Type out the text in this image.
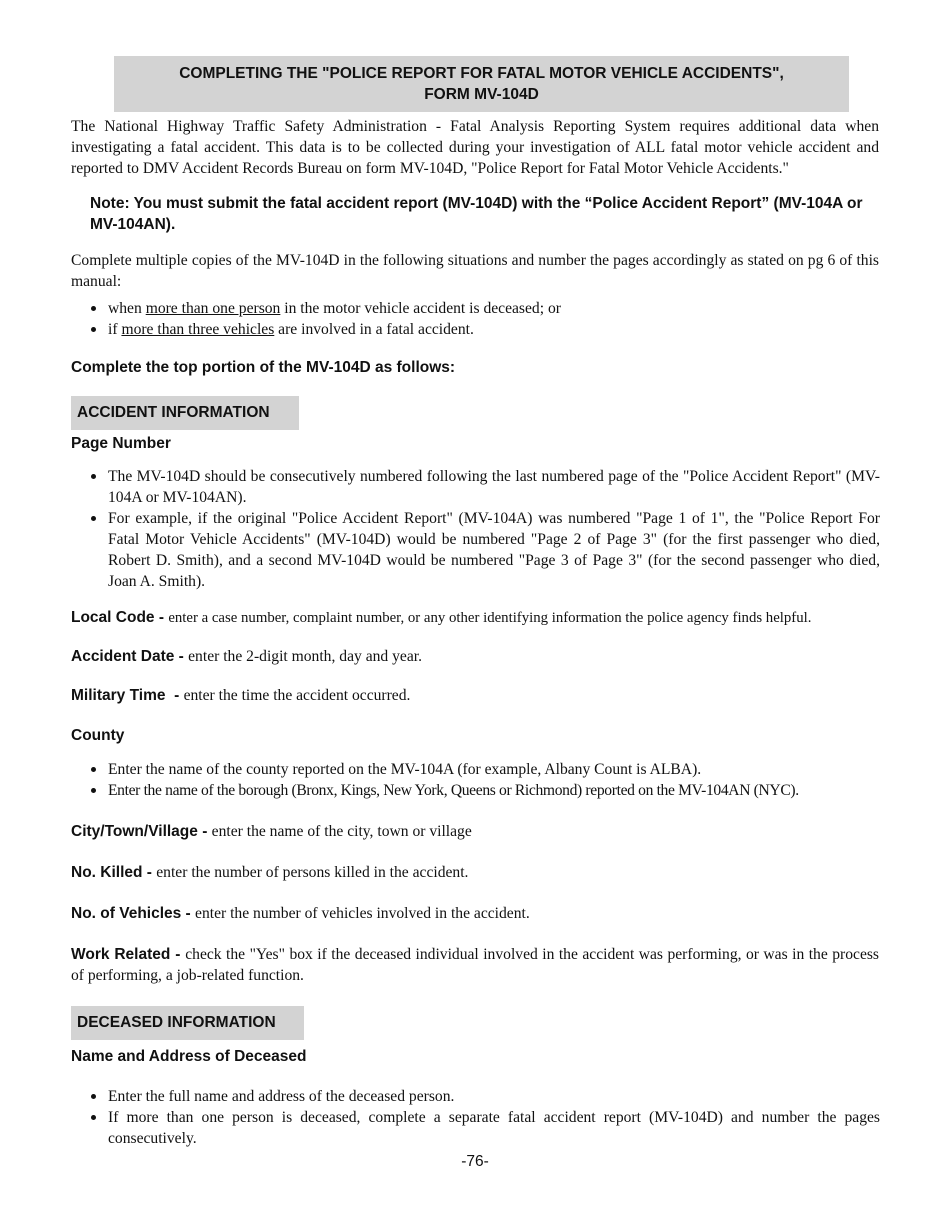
COMPLETING THE "POLICE REPORT FOR FATAL MOTOR VEHICLE ACCIDENTS",
FORM MV-104D
The National Highway Traffic Safety Administration - Fatal Analysis Reporting System requires additional data when investigating a fatal accident. This data is to be collected during your investigation of ALL fatal motor vehicle accident and reported to DMV Accident Records Bureau on form MV-104D, "Police Report for Fatal Motor Vehicle Accidents."
Note: You must submit the fatal accident report (MV-104D) with the “Police Accident Report” (MV-104A or MV-104AN).
Complete multiple copies of the MV-104D in the following situations and number the pages accordingly as stated on pg 6 of this manual:
when more than one person in the motor vehicle accident is deceased; or
if more than three vehicles are involved in a fatal accident.
Complete the top portion of the MV-104D as follows:
ACCIDENT INFORMATION
Page Number
The MV-104D should be consecutively numbered following the last numbered page of the "Police Accident Report" (MV-104A or MV-104AN).
For example, if the original "Police Accident Report" (MV-104A) was numbered "Page 1 of 1", the "Police Report For Fatal Motor Vehicle Accidents" (MV-104D) would be numbered "Page 2 of Page 3" (for the first passenger who died, Robert D. Smith), and a second MV-104D would be numbered "Page 3 of Page 3" (for the second passenger who died, Joan A. Smith).
Local Code - enter a case number, complaint number, or any other identifying information the police agency finds helpful.
Accident Date - enter the 2-digit month, day and year.
Military Time  - enter the time the accident occurred.
County
Enter the name of the county reported on the MV-104A (for example, Albany Count is ALBA).
Enter the name of the borough (Bronx, Kings, New York, Queens or Richmond) reported on the MV-104AN (NYC).
City/Town/Village - enter the name of the city, town or village
No. Killed - enter the number of persons killed in the accident.
No. of Vehicles - enter the number of vehicles involved in the accident.
Work Related - check the "Yes" box if the deceased individual involved in the accident was performing, or was in the process of performing, a job-related function.
DECEASED INFORMATION
Name and Address of Deceased
Enter the full name and address of the deceased person.
If more than one person is deceased, complete a separate fatal accident report (MV-104D) and number the pages consecutively.
-76-
